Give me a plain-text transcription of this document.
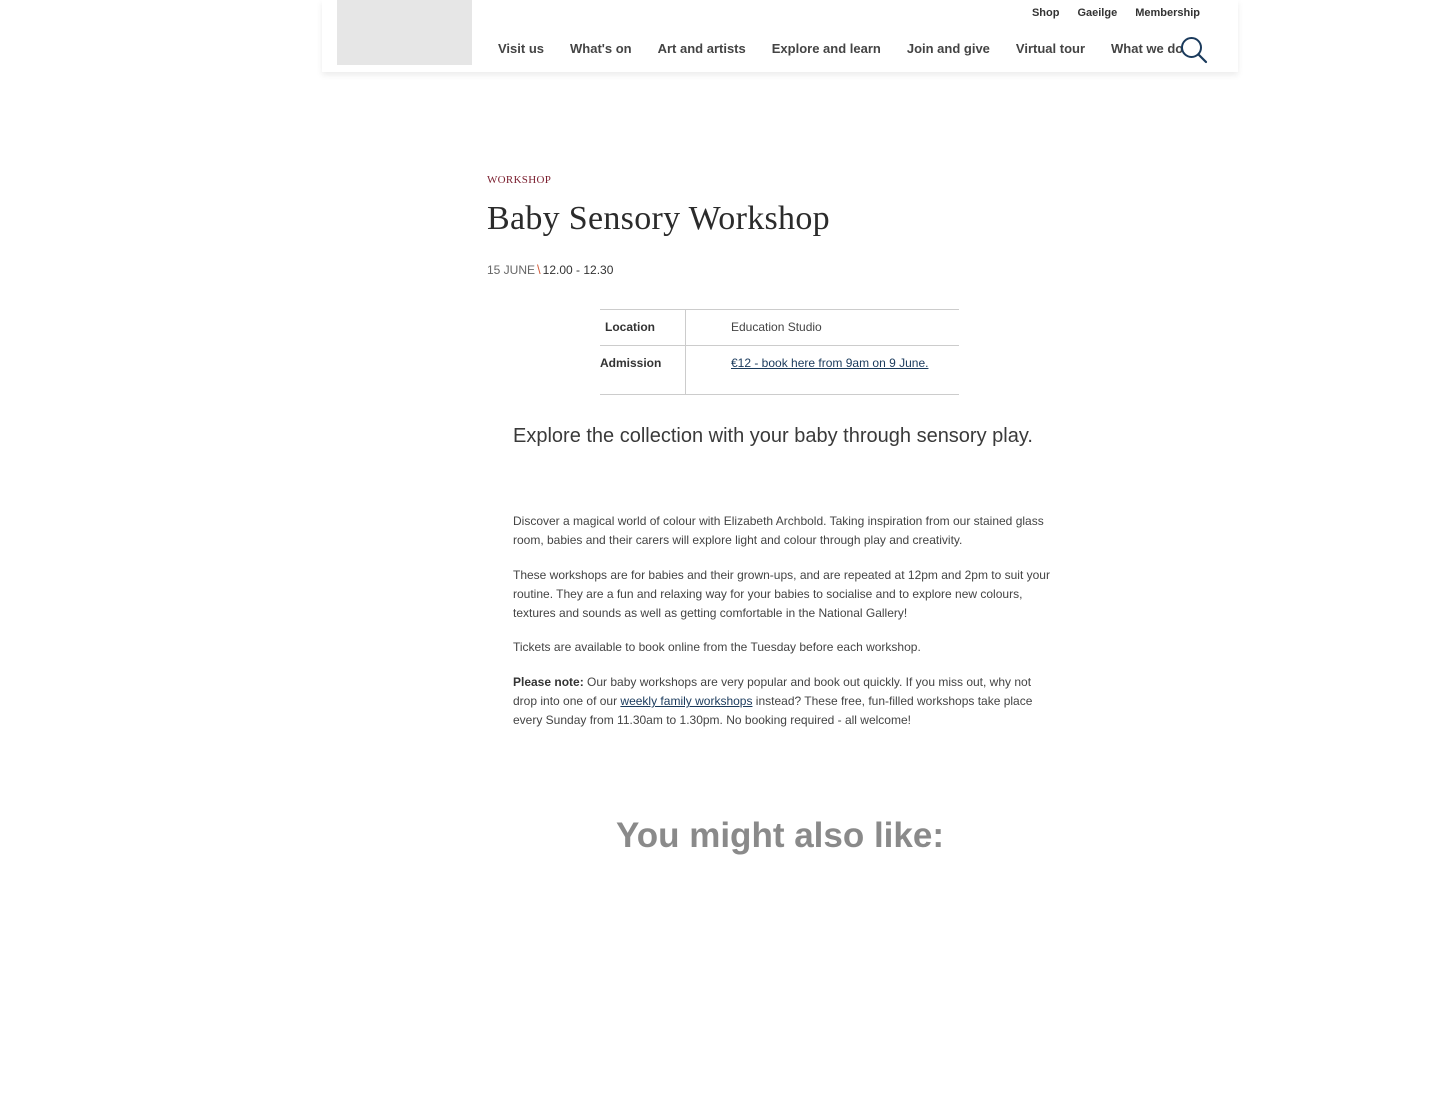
Shop Gaeilge Membership
Visit us What's on Art and artists Explore and learn Join and give Virtual tour What we do
WORKSHOP
Baby Sensory Workshop
15 JUNE \ 12.00 - 12.30
Location	Education Studio
Admission	€12 - book here from 9am on 9 June.

Explore the collection with your baby through sensory play.

Discover a magical world of colour with Elizabeth Archbold. Taking inspiration from our stained glass room, babies and their carers will explore light and colour through play and creativity.

These workshops are for babies and their grown-ups, and are repeated at 12pm and 2pm to suit your routine. They are a fun and relaxing way for your babies to socialise and to explore new colours, textures and sounds as well as getting comfortable in the National Gallery!

Tickets are available to book online from the Tuesday before each workshop.

Please note: Our baby workshops are very popular and book out quickly. If you miss out, why not drop into one of our weekly family workshops instead? These free, fun-filled workshops take place every Sunday from 11.30am to 1.30pm. No booking required - all welcome!

You might also like:
